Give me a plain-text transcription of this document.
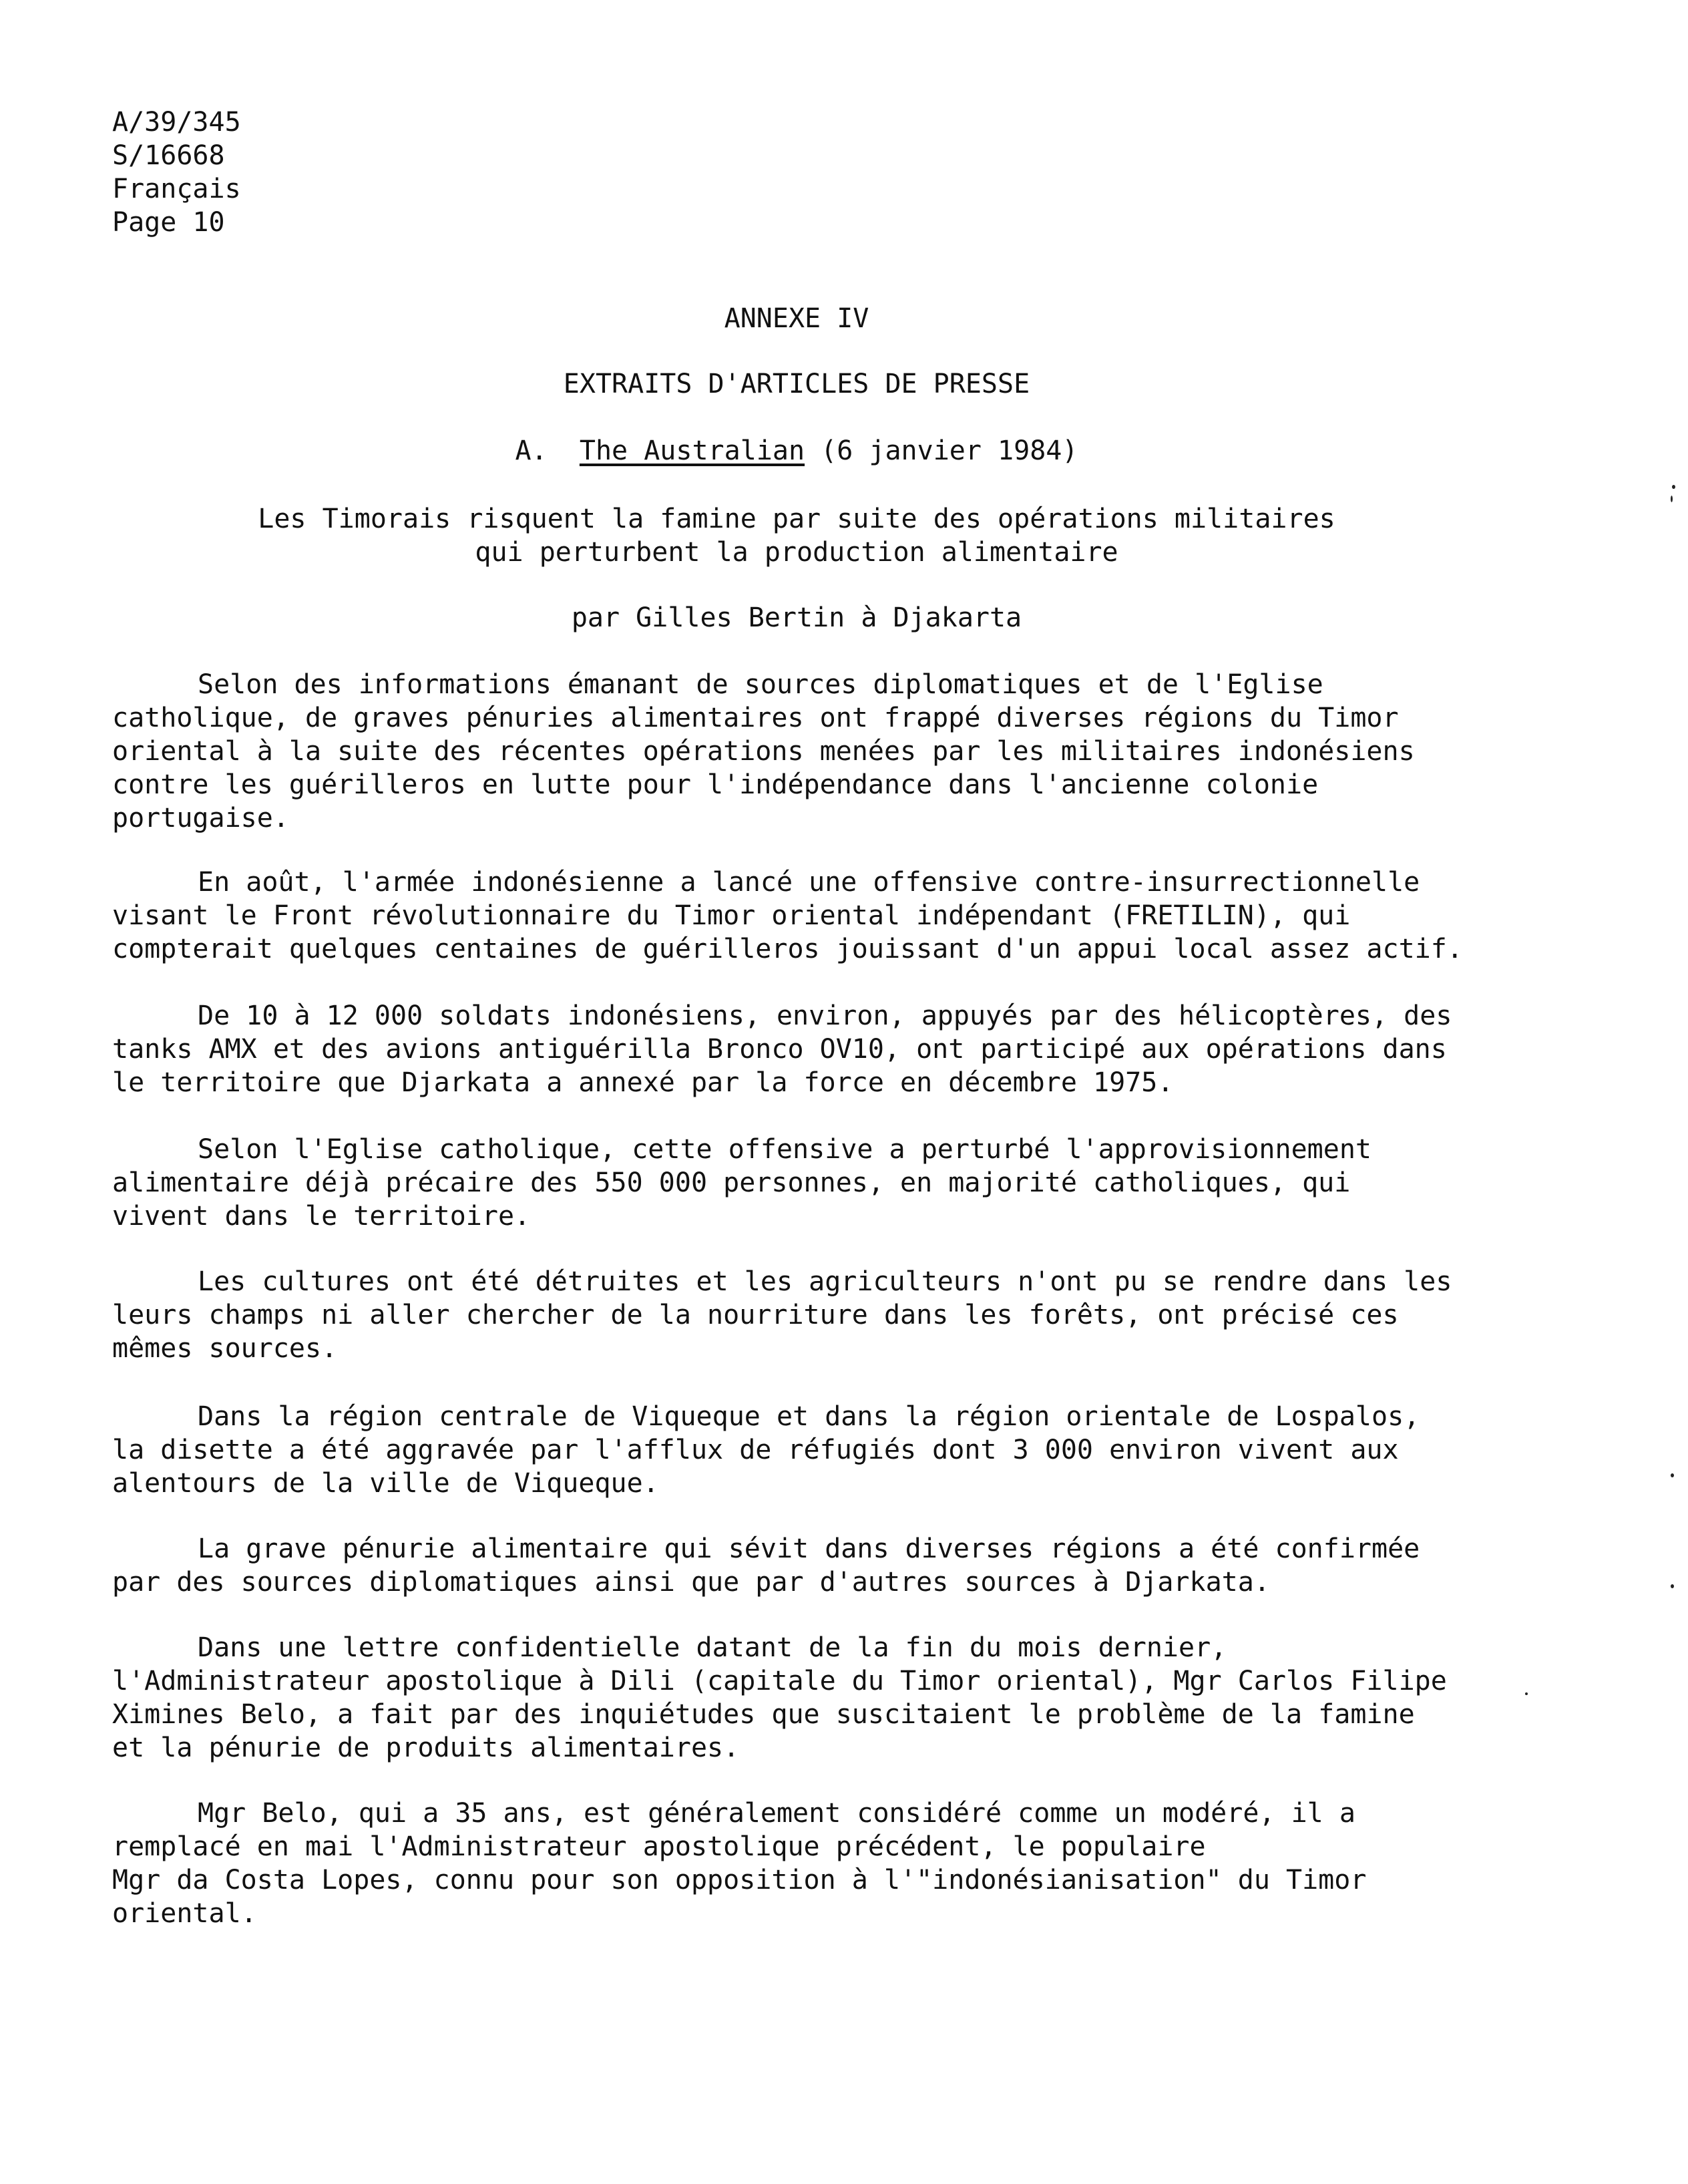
A/39/345
S/16668
Français
Page 10
ANNEXE IV
EXTRAITS D'ARTICLES DE PRESSE
A. The Australian (6 janvier 1984)
Les Timorais risquent la famine par suite des opérations militaires
qui perturbent la production alimentaire
par Gilles Bertin à Djakarta
Selon des informations émanant de sources diplomatiques et de l'Eglise
catholique, de graves pénuries alimentaires ont frappé diverses régions du Timor
oriental à la suite des récentes opérations menées par les militaires indonésiens
contre les guérilleros en lutte pour l'indépendance dans l'ancienne colonie
portugaise.
En août, l'armée indonésienne a lancé une offensive contre-insurrectionnelle
visant le Front révolutionnaire du Timor oriental indépendant (FRETILIN), qui
compterait quelques centaines de guérilleros jouissant d'un appui local assez actif.
De 10 à 12 000 soldats indonésiens, environ, appuyés par des hélicoptères, des
tanks AMX et des avions antiguérilla Bronco OV10, ont participé aux opérations dans
le territoire que Djarkata a annexé par la force en décembre 1975.
Selon l'Eglise catholique, cette offensive a perturbé l'approvisionnement
alimentaire déjà précaire des 550 000 personnes, en majorité catholiques, qui
vivent dans le territoire.
Les cultures ont été détruites et les agriculteurs n'ont pu se rendre dans les
leurs champs ni aller chercher de la nourriture dans les forêts, ont précisé ces
mêmes sources.
Dans la région centrale de Viqueque et dans la région orientale de Lospalos,
la disette a été aggravée par l'afflux de réfugiés dont 3 000 environ vivent aux
alentours de la ville de Viqueque.
La grave pénurie alimentaire qui sévit dans diverses régions a été confirmée
par des sources diplomatiques ainsi que par d'autres sources à Djarkata.
Dans une lettre confidentielle datant de la fin du mois dernier,
l'Administrateur apostolique à Dili (capitale du Timor oriental), Mgr Carlos Filipe
Ximines Belo, a fait par des inquiétudes que suscitaient le problème de la famine
et la pénurie de produits alimentaires.
Mgr Belo, qui a 35 ans, est généralement considéré comme un modéré, il a
remplacé en mai l'Administrateur apostolique précédent, le populaire
Mgr da Costa Lopes, connu pour son opposition à l'"indonésianisation" du Timor
oriental.
